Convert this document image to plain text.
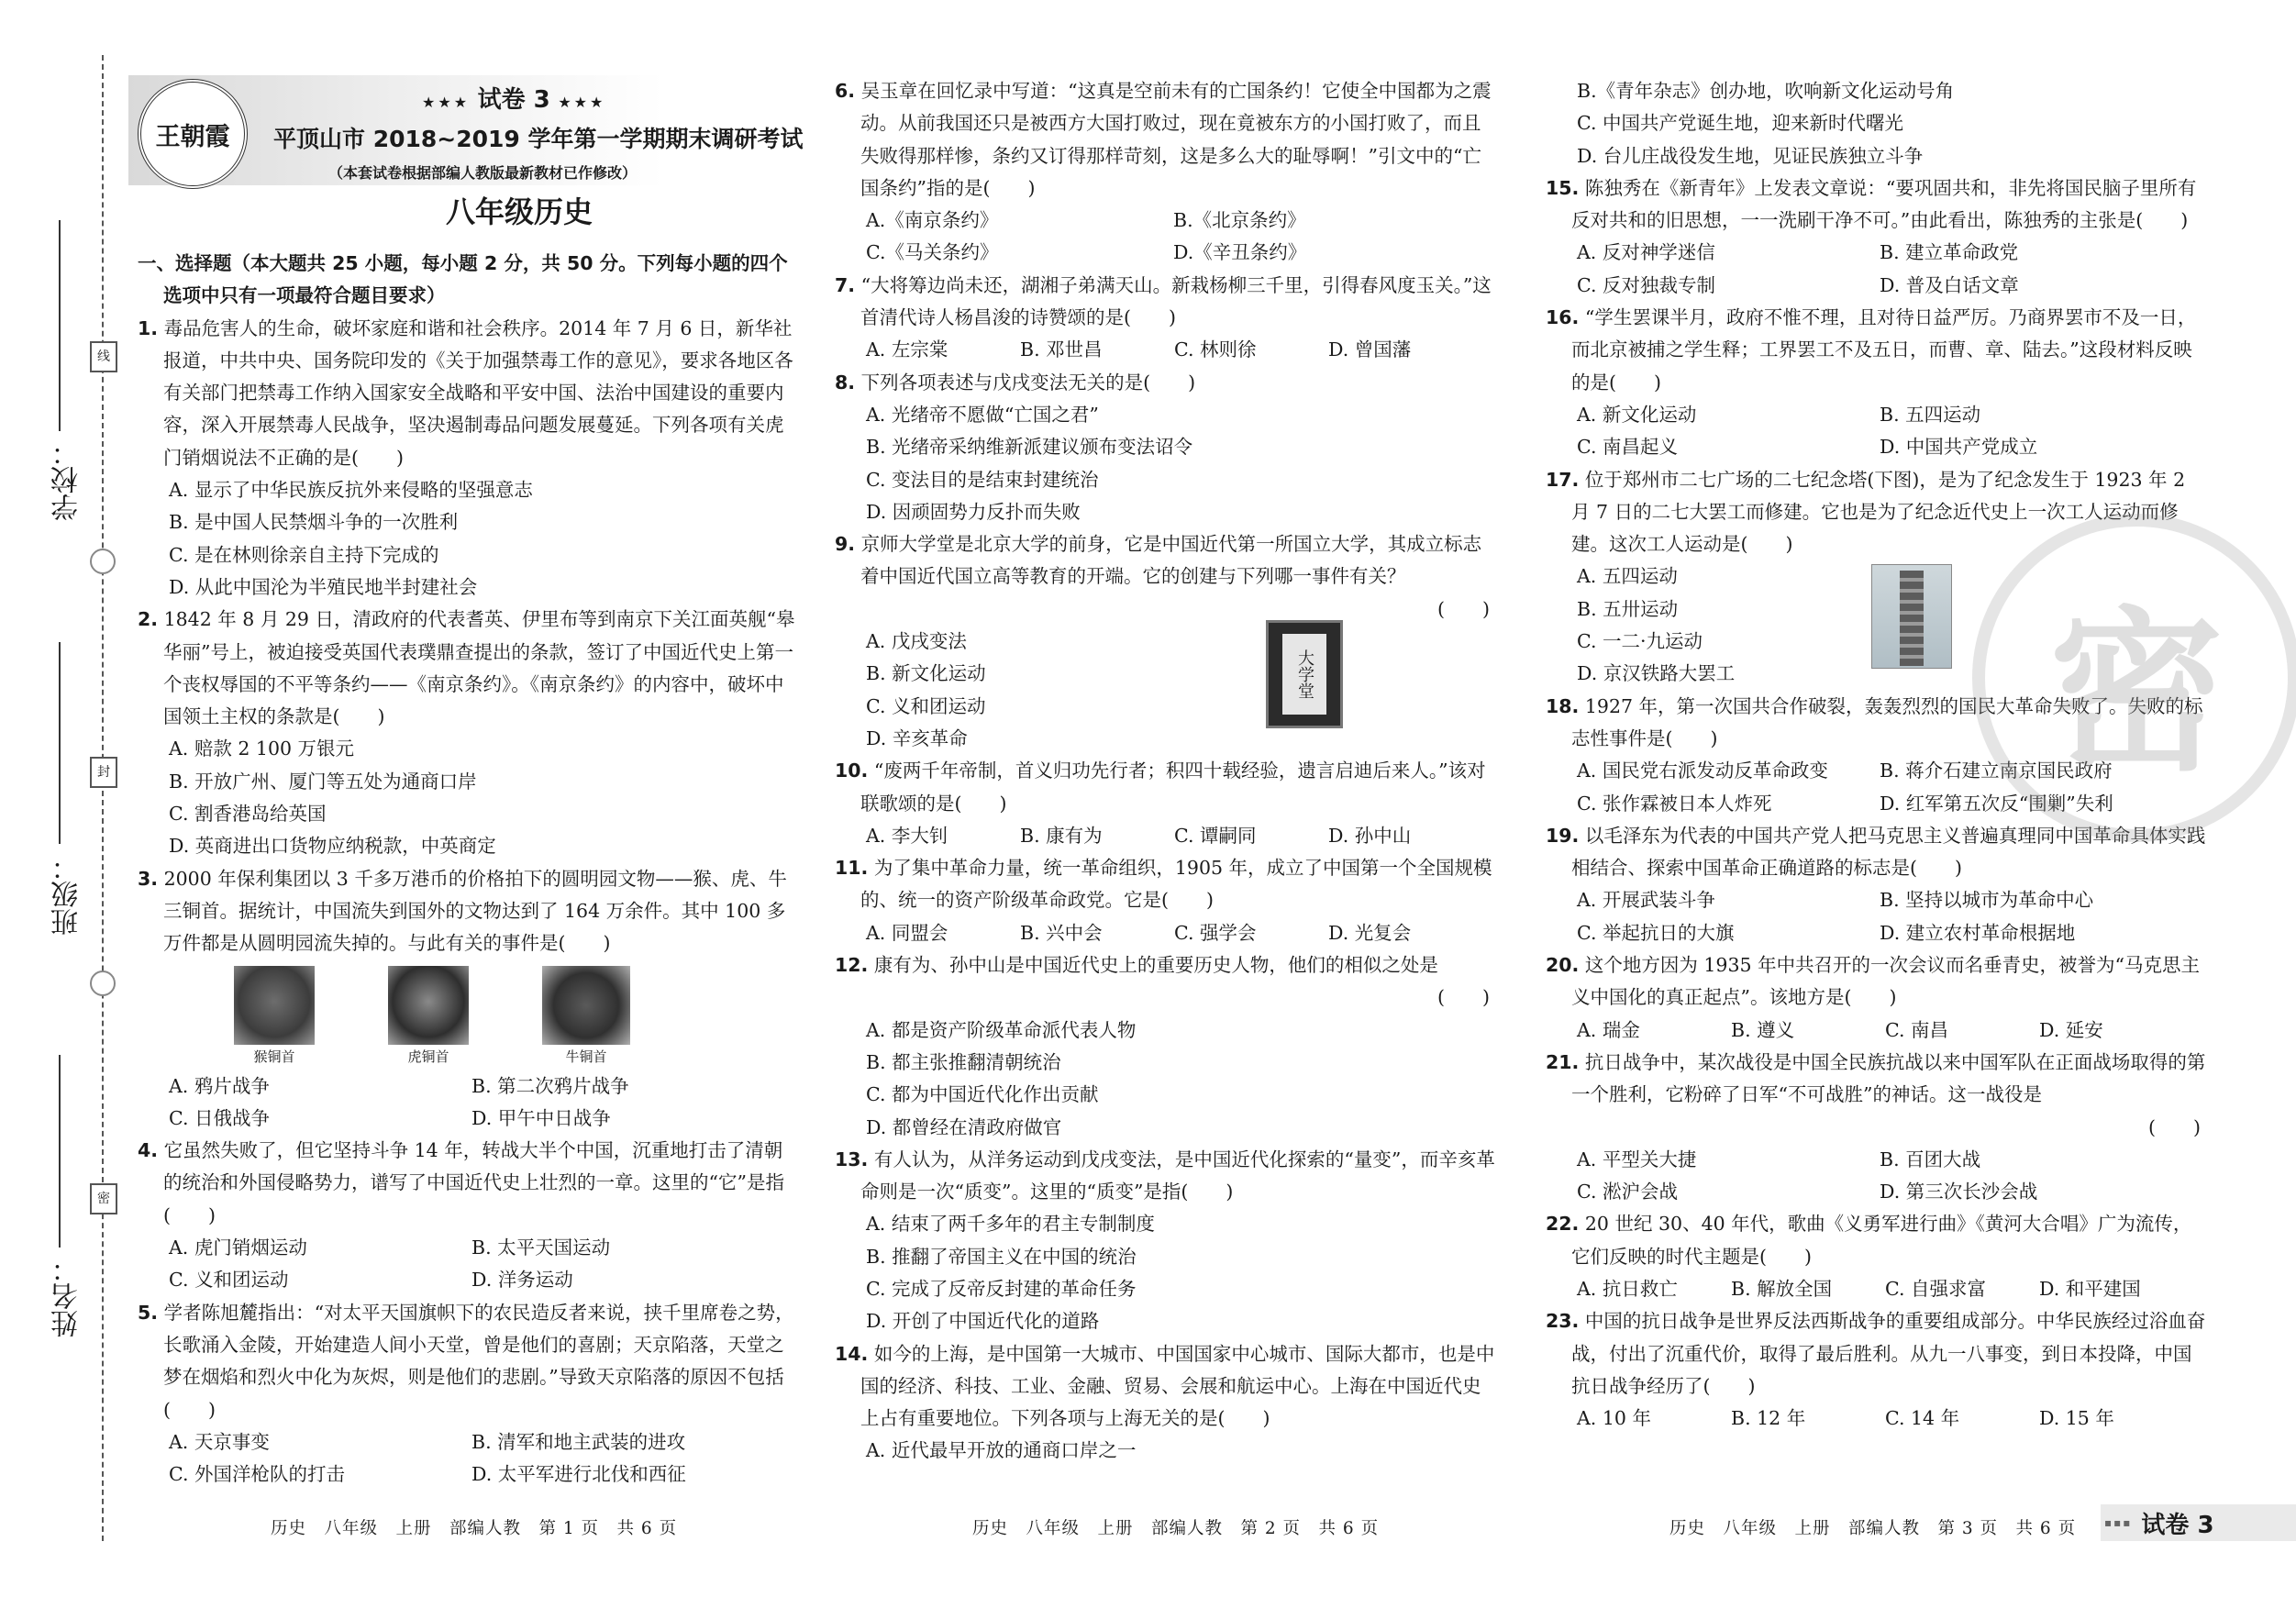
线
封
密
学校：
班级：
姓名：
王朝霞
★★★ 试卷 3 ★★★
平顶山市 2018~2019 学年第一学期期末调研考试
（本套试卷根据部编人教版最新教材已作修改）
八年级历史

一、选择题（本大题共 25 小题，每小题 2 分，共 50 分。下列每小题的四个选项中只有一项最符合题目要求）

1. 毒品危害人的生命，破坏家庭和谐和社会秩序。2014 年 7 月 6 日，新华社报道，中共中央、国务院印发的《关于加强禁毒工作的意见》，要求各地区各有关部门把禁毒工作纳入国家安全战略和平安中国、法治中国建设的重要内容，深入开展禁毒人民战争，坚决遏制毒品问题发展蔓延。下列各项有关虎门销烟说法不正确的是(　　)

A. 显示了中华民族反抗外来侵略的坚强意志

B. 是中国人民禁烟斗争的一次胜利

C. 是在林则徐亲自主持下完成的

D. 从此中国沦为半殖民地半封建社会

2. 1842 年 8 月 29 日，清政府的代表耆英、伊里布等到南京下关江面英舰“皋华丽”号上，被迫接受英国代表璞鼎查提出的条款，签订了中国近代史上第一个丧权辱国的不平等条约——《南京条约》。《南京条约》的内容中，破坏中国领土主权的条款是(　　)

A. 赔款 2 100 万银元

B. 开放广州、厦门等五处为通商口岸

C. 割香港岛给英国

D. 英商进出口货物应纳税款，中英商定

3. 2000 年保利集团以 3 千多万港币的价格拍下的圆明园文物——猴、虎、牛三铜首。据统计，中国流失到国外的文物达到了 164 万余件。其中 100 多万件都是从圆明园流失掉的。与此有关的事件是(　　)

猴铜首	虎铜首	牛铜首
A. 鸦片战争	B. 第二次鸦片战争
C. 日俄战争	D. 甲午中日战争

4. 它虽然失败了，但它坚持斗争 14 年，转战大半个中国，沉重地打击了清朝的统治和外国侵略势力，谱写了中国近代史上壮烈的一章。这里的“它”是指(　　)

A. 虎门销烟运动	B. 太平天国运动
C. 义和团运动	D. 洋务运动

5. 学者陈旭麓指出：“对太平天国旗帜下的农民造反者来说，挟千里席卷之势，长歌涌入金陵，开始建造人间小天堂，曾是他们的喜剧；天京陷落，天堂之梦在烟焰和烈火中化为灰烬，则是他们的悲剧。”导致天京陷落的原因不包括(　　)

A. 天京事变	B. 清军和地主武装的进攻
C. 外国洋枪队的打击	D. 太平军进行北伐和西征

6. 吴玉章在回忆录中写道：“这真是空前未有的亡国条约！它使全中国都为之震动。从前我国还只是被西方大国打败过，现在竟被东方的小国打败了，而且失败得那样惨，条约又订得那样苛刻，这是多么大的耻辱啊！”引文中的“亡国条约”指的是(　　)

A.《南京条约》	B.《北京条约》
C.《马关条约》	D.《辛丑条约》

7. “大将筹边尚未还，湖湘子弟满天山。新栽杨柳三千里，引得春风度玉关。”这首清代诗人杨昌浚的诗赞颂的是(　　)

A. 左宗棠	B. 邓世昌	C. 林则徐	D. 曾国藩

8. 下列各项表述与戊戌变法无关的是(　　)

A. 光绪帝不愿做“亡国之君”

B. 光绪帝采纳维新派建议颁布变法诏令

C. 变法目的是结束封建统治

D. 因顽固势力反扑而失败

9. 京师大学堂是北京大学的前身，它是中国近代第一所国立大学，其成立标志着中国近代国立高等教育的开端。它的创建与下列哪一事件有关？

(　　)

A. 戊戌变法

B. 新文化运动

C. 义和团运动

D. 辛亥革命

大学堂

10. “废两千年帝制，首义归功先行者；积四十载经验，遗言启迪后来人。”该对联歌颂的是(　　)

A. 李大钊	B. 康有为	C. 谭嗣同	D. 孙中山

11. 为了集中革命力量，统一革命组织，1905 年，成立了中国第一个全国规模的、统一的资产阶级革命政党。它是(　　)

A. 同盟会	B. 兴中会	C. 强学会	D. 光复会

12. 康有为、孙中山是中国近代史上的重要历史人物，他们的相似之处是

(　　)

A. 都是资产阶级革命派代表人物

B. 都主张推翻清朝统治

C. 都为中国近代化作出贡献

D. 都曾经在清政府做官

13. 有人认为，从洋务运动到戊戌变法，是中国近代化探索的“量变”，而辛亥革命则是一次“质变”。这里的“质变”是指(　　)

A. 结束了两千多年的君主专制制度

B. 推翻了帝国主义在中国的统治

C. 完成了反帝反封建的革命任务

D. 开创了中国近代化的道路

14. 如今的上海，是中国第一大城市、中国国家中心城市、国际大都市，也是中国的经济、科技、工业、金融、贸易、会展和航运中心。上海在中国近代史上占有重要地位。下列各项与上海无关的是(　　)

A. 近代最早开放的通商口岸之一

B.《青年杂志》创办地，吹响新文化运动号角

C. 中国共产党诞生地，迎来新时代曙光

D. 台儿庄战役发生地，见证民族独立斗争

15. 陈独秀在《新青年》上发表文章说：“要巩固共和，非先将国民脑子里所有反对共和的旧思想，一一洗刷干净不可。”由此看出，陈独秀的主张是(　　)

A. 反对神学迷信	B. 建立革命政党
C. 反对独裁专制	D. 普及白话文章

16. “学生罢课半月，政府不惟不理，且对待日益严厉。乃商界罢市不及一日，而北京被捕之学生释；工界罢工不及五日，而曹、章、陆去。”这段材料反映的是(　　)

A. 新文化运动	B. 五四运动
C. 南昌起义	D. 中国共产党成立

17. 位于郑州市二七广场的二七纪念塔(下图)，是为了纪念发生于 1923 年 2 月 7 日的二七大罢工而修建。它也是为了纪念近代史上一次工人运动而修建。这次工人运动是(　　)

A. 五四运动

B. 五卅运动

C. 一二·九运动

D. 京汉铁路大罢工

18. 1927 年，第一次国共合作破裂，轰轰烈烈的国民大革命失败了。失败的标志性事件是(　　)

A. 国民党右派发动反革命政变	B. 蒋介石建立南京国民政府
C. 张作霖被日本人炸死	D. 红军第五次反“围剿”失利

19. 以毛泽东为代表的中国共产党人把马克思主义普遍真理同中国革命具体实践相结合、探索中国革命正确道路的标志是(　　)

A. 开展武装斗争	B. 坚持以城市为革命中心
C. 举起抗日的大旗	D. 建立农村革命根据地

20. 这个地方因为 1935 年中共召开的一次会议而名垂青史，被誉为“马克思主义中国化的真正起点”。该地方是(　　)

A. 瑞金	B. 遵义	C. 南昌	D. 延安

21. 抗日战争中，某次战役是中国全民族抗战以来中国军队在正面战场取得的第一个胜利，它粉碎了日军“不可战胜”的神话。这一战役是

(　　)

A. 平型关大捷	B. 百团大战
C. 淞沪会战	D. 第三次长沙会战

22. 20 世纪 30、40 年代，歌曲《义勇军进行曲》《黄河大合唱》广为流传，它们反映的时代主题是(　　)

A. 抗日救亡	B. 解放全国	C. 自强求富	D. 和平建国

23. 中国的抗日战争是世界反法西斯战争的重要组成部分。中华民族经过浴血奋战，付出了沉重代价，取得了最后胜利。从九一八事变，到日本投降，中国抗日战争经历了(　　)

A. 10 年	B. 12 年	C. 14 年	D. 15 年
密
历史　八年级　上册　部编人教　第 1 页　共 6 页	历史　八年级　上册　部编人教　第 2 页　共 6 页	历史　八年级　上册　部编人教　第 3 页　共 6 页	▪▪▪ 试卷 3
